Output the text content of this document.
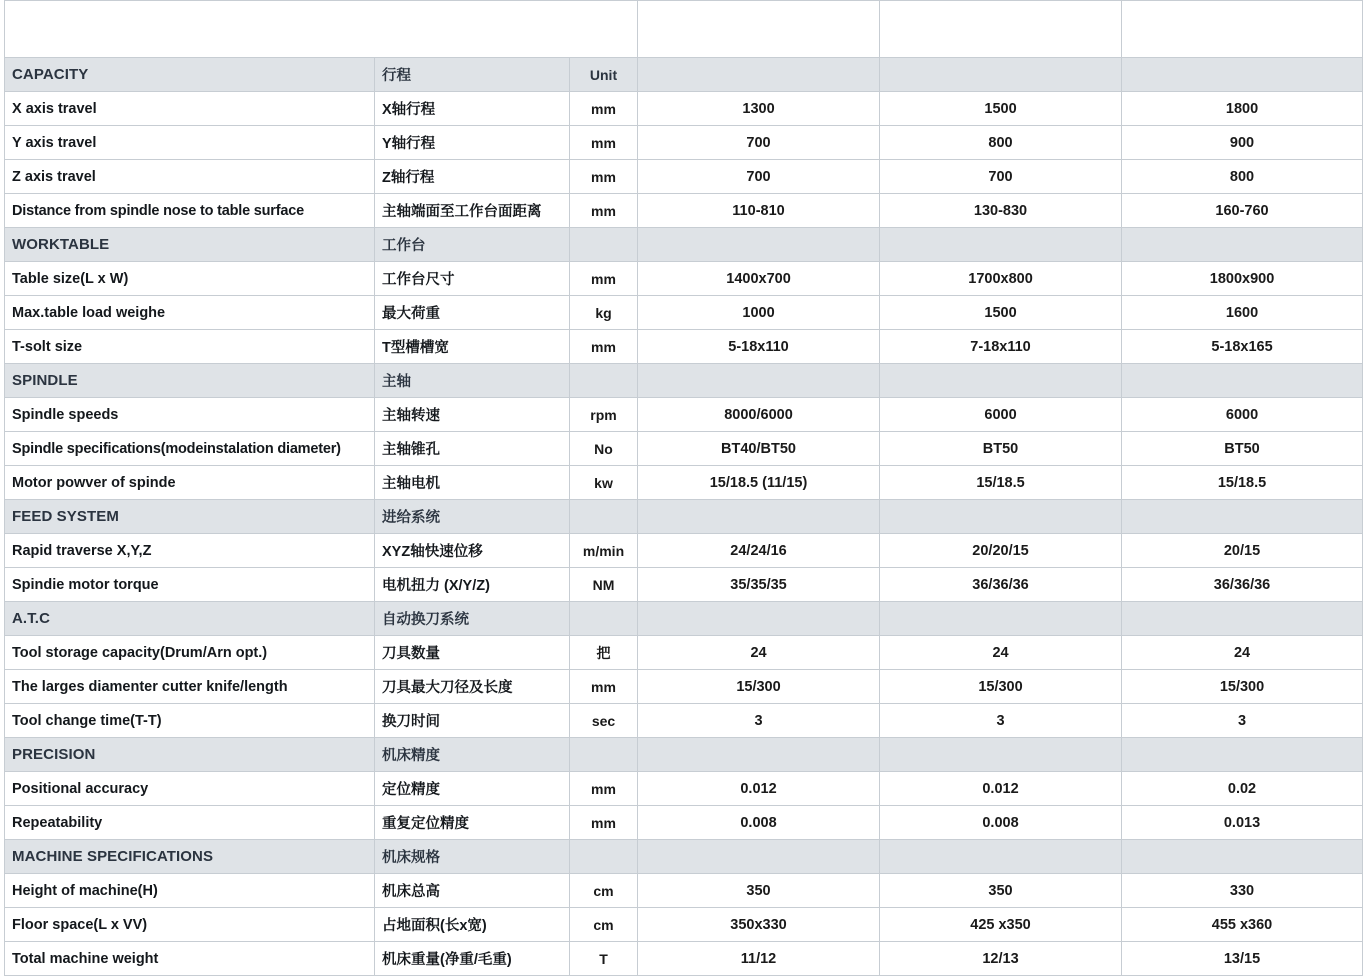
Model
Ltem			V1380L	V1580L	V1890L
CAPACITY	行程	Unit			
X axis travel	X轴行程	mm	1300	1500	1800
Y axis travel	Y轴行程	mm	700	800	900
Z axis travel	Z轴行程	mm	700	700	800
Distance from spindle nose to table surface	主轴端面至工作台面距离	mm	110-810	130-830	160-760
WORKTABLE	工作台				
Table size(L x W)	工作台尺寸	mm	1400x700	1700x800	1800x900
Max.table load weighe	最大荷重	kg	1000	1500	1600
T-solt size	T型槽槽宽	mm	5-18x110	7-18x110	5-18x165
SPINDLE	主轴				
Spindle speeds	主轴转速	rpm	8000/6000	6000	6000
Spindle specifications(modeinstalation diameter)	主轴锥孔	No	BT40/BT50	BT50	BT50
Motor powver of spinde	主轴电机	kw	15/18.5 (11/15)	15/18.5	15/18.5
FEED SYSTEM	进给系统				
Rapid traverse X,Y,Z	XYZ轴快速位移	m/min	24/24/16	20/20/15	20/15
Spindie motor torque	电机扭力 (X/Y/Z)	NM	35/35/35	36/36/36	36/36/36
A.T.C	自动换刀系统				
Tool storage capacity(Drum/Arn opt.)	刀具数量	把	24	24	24
The larges diamenter cutter knife/length	刀具最大刀径及长度	mm	15/300	15/300	15/300
Tool change time(T-T)	换刀时间	sec	3	3	3
PRECISION	机床精度				
Positional accuracy	定位精度	mm	0.012	0.012	0.02
Repeatability	重复定位精度	mm	0.008	0.008	0.013
MACHINE SPECIFICATIONS	机床规格				
Height of machine(H)	机床总高	cm	350	350	330
Floor space(L x VV)	占地面积(长x宽)	cm	350x330	425 x350	455 x360
Total machine weight	机床重量(净重/毛重)	T	11/12	12/13	13/15
